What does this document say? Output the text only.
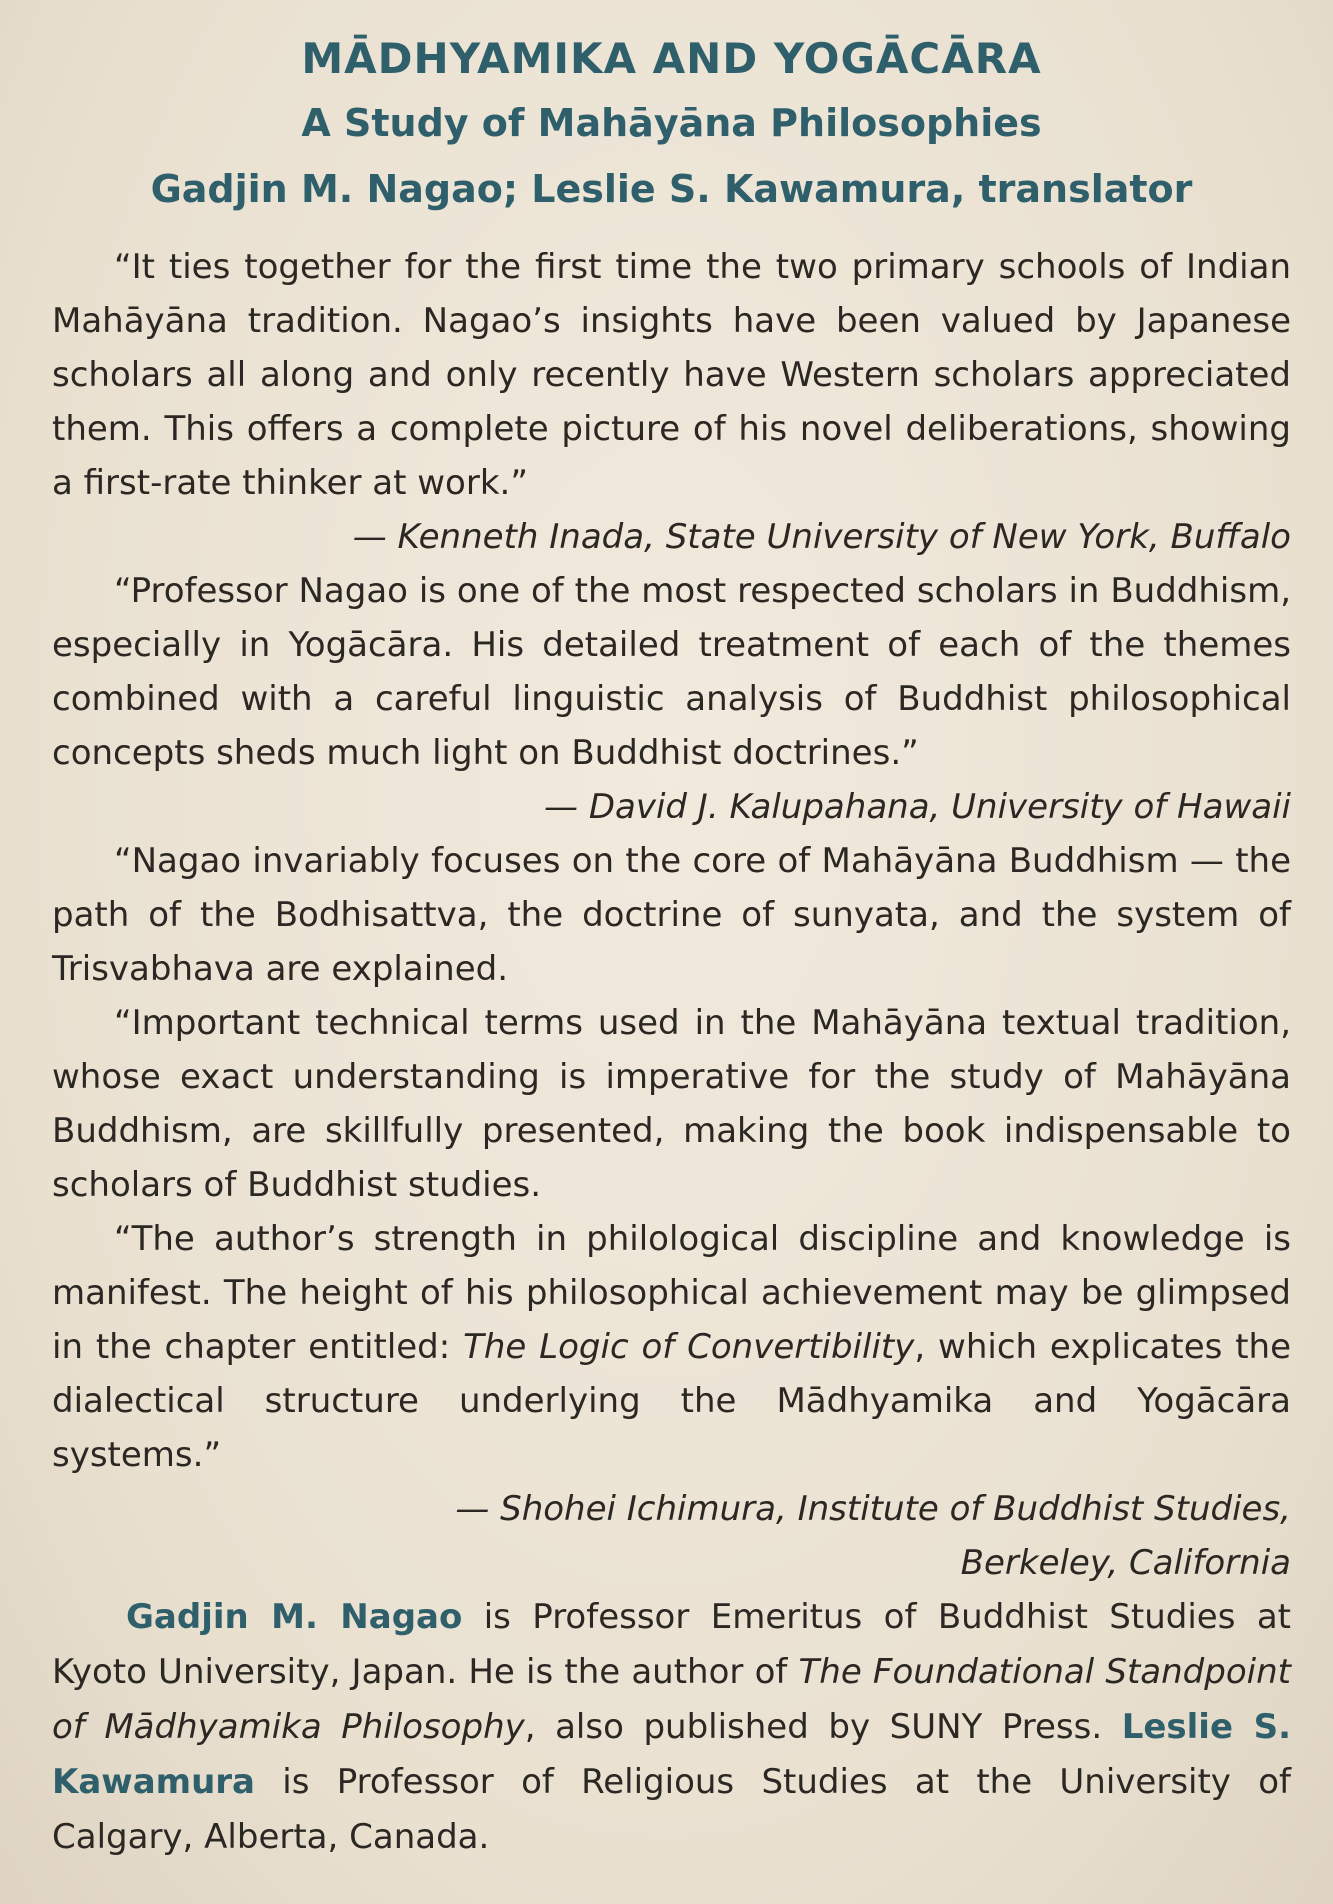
MĀDHYAMIKA AND YOGĀCĀRA
A Study of Mahāyāna Philosophies
Gadjin M. Nagao; Leslie S. Kawamura, translator

“It ties together for the first time the two primary schools of Indian Mahāyāna tradition. Nagao’s insights have been valued by Japanese scholars all along and only recently have Western scholars appreciated them. This offers a complete picture of his novel deliberations, showing a first-rate thinker at work.”

— Kenneth Inada, State University of New York, Buffalo

“Professor Nagao is one of the most respected scholars in Buddhism, especially in Yogācāra. His detailed treatment of each of the themes combined with a careful linguistic analysis of Buddhist philosophical concepts sheds much light on Buddhist doctrines.”

— David J. Kalupahana, University of Hawaii

“Nagao invariably focuses on the core of Mahāyāna Buddhism — the path of the Bodhisattva, the doctrine of sunyata, and the system of Trisvabhava are explained.

“Important technical terms used in the Mahāyāna textual tradition, whose exact understanding is imperative for the study of Mahāyāna Buddhism, are skillfully presented, making the book indispensable to scholars of Buddhist studies.

“The author’s strength in philological discipline and knowledge is manifest. The height of his philosophical achievement may be glimpsed in the chapter entitled: The Logic of Convertibility, which explicates the dialectical structure underlying the Mādhyamika and Yogācāra systems.”

— Shohei Ichimura, Institute of Buddhist Studies,
Berkeley, California

Gadjin M. Nagao is Professor Emeritus of Buddhist Studies at Kyoto University, Japan. He is the author of The Foundational Standpoint of Mādhyamika Philosophy, also published by SUNY Press. Leslie S. Kawamura is Professor of Religious Studies at the University of Calgary, Alberta, Canada.
